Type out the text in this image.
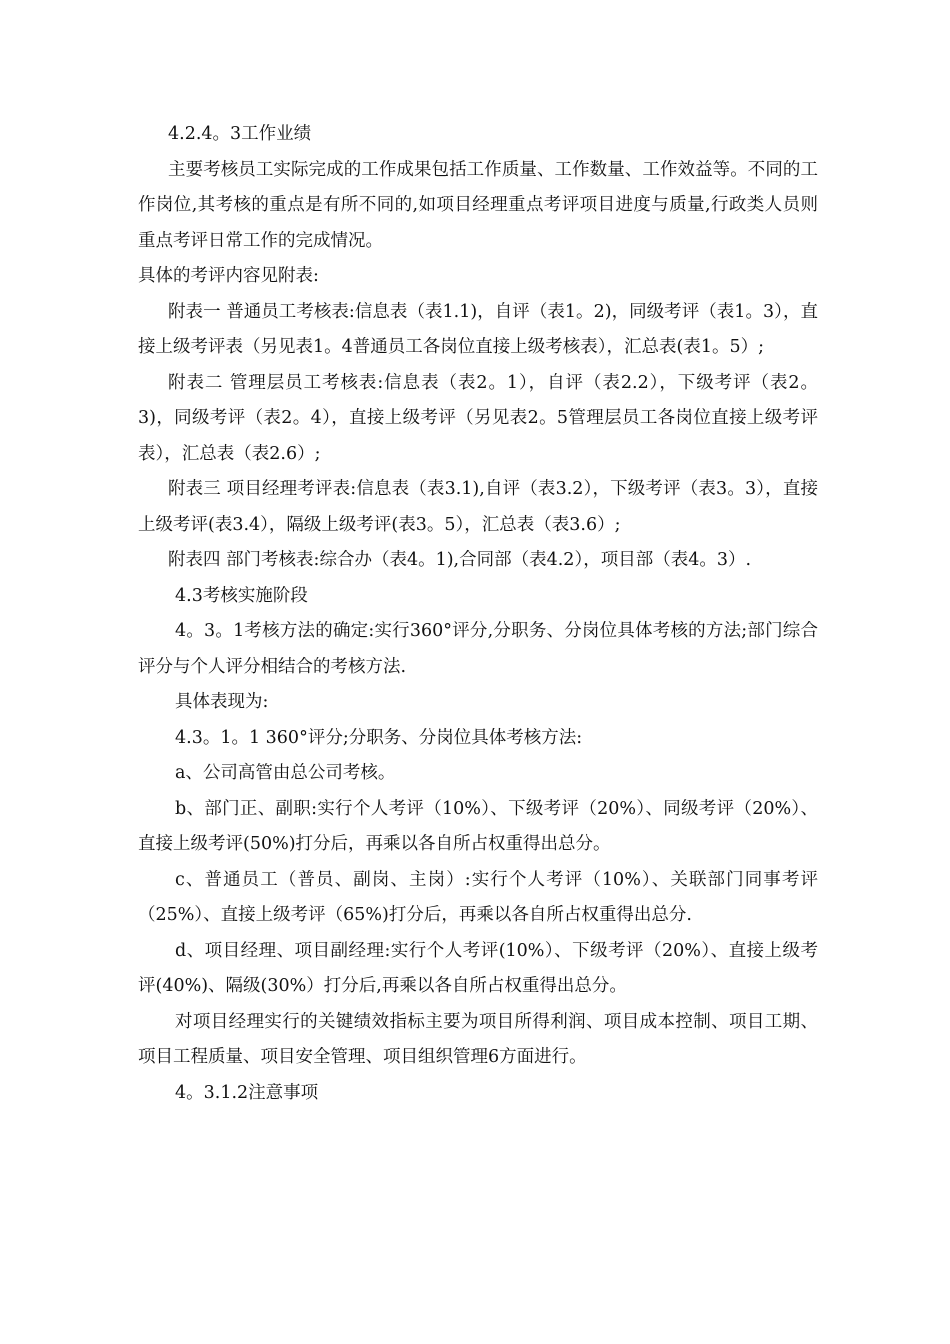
4.2.4。3工作业绩

主要考核员工实际完成的工作成果包括工作质量、工作数量、工作效益等。不同的工作岗位,其考核的重点是有所不同的,如项目经理重点考评项目进度与质量,行政类人员则重点考评日常工作的完成情况。

具体的考评内容见附表:

附表一 普通员工考核表:信息表（表1.1)，自评（表1。2)，同级考评（表1。3），直接上级考评表（另见表1。4普通员工各岗位直接上级考核表），汇总表(表1。5）;

附表二 管理层员工考核表:信息表（表2。1），自评（表2.2），下级考评（表2。3)，同级考评（表2。4），直接上级考评（另见表2。5管理层员工各岗位直接上级考评表），汇总表（表2.6）;

附表三 项目经理考评表:信息表（表3.1),自评（表3.2），下级考评（表3。3），直接上级考评(表3.4），隔级上级考评(表3。5），汇总表（表3.6）;

附表四 部门考核表:综合办（表4。1),合同部（表4.2），项目部（表4。3）.

4.3考核实施阶段

4。3。1考核方法的确定:实行360°评分,分职务、分岗位具体考核的方法;部门综合评分与个人评分相结合的考核方法.

具体表现为:

4.3。1。1 360°评分;分职务、分岗位具体考核方法:

a、公司高管由总公司考核。

b、部门正、副职:实行个人考评（10%）、下级考评（20%）、同级考评（20%）、直接上级考评(50%)打分后，再乘以各自所占权重得出总分。

c、普通员工（普员、副岗、主岗）:实行个人考评（10%）、关联部门同事考评（25%）、直接上级考评（65%)打分后，再乘以各自所占权重得出总分.

d、项目经理、项目副经理:实行个人考评(10%）、下级考评（20%）、直接上级考评(40%)、隔级(30%）打分后,再乘以各自所占权重得出总分。

对项目经理实行的关键绩效指标主要为项目所得利润、项目成本控制、项目工期、项目工程质量、项目安全管理、项目组织管理6方面进行。

4。3.1.2注意事项
